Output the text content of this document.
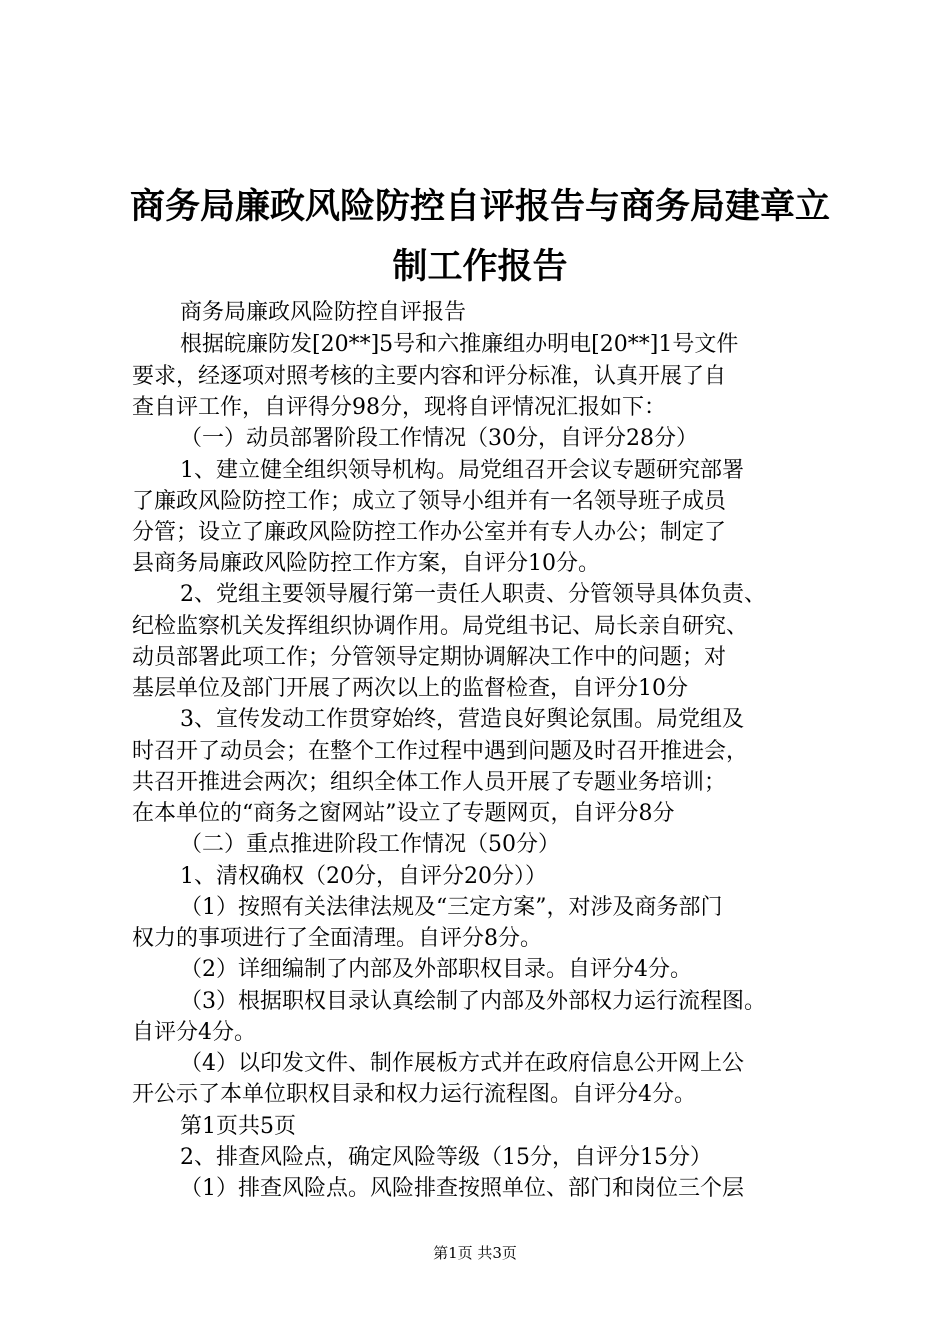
商务局廉政风险防控自评报告与商务局建章立
制工作报告
商务局廉政风险防控自评报告
根据皖廉防发[20**]5号和六推廉组办明电[20**]1号文件
要求，经逐项对照考核的主要内容和评分标准，认真开展了自
查自评工作，自评得分98分，现将自评情况汇报如下：
（一）动员部署阶段工作情况（30分，自评分28分）
1、建立健全组织领导机构。局党组召开会议专题研究部署
了廉政风险防控工作；成立了领导小组并有一名领导班子成员
分管；设立了廉政风险防控工作办公室并有专人办公；制定了
县商务局廉政风险防控工作方案，自评分10分。
2、党组主要领导履行第一责任人职责、分管领导具体负责、
纪检监察机关发挥组织协调作用。局党组书记、局长亲自研究、
动员部署此项工作；分管领导定期协调解决工作中的问题；对
基层单位及部门开展了两次以上的监督检查，自评分10分
3、宣传发动工作贯穿始终，营造良好舆论氛围。局党组及
时召开了动员会；在整个工作过程中遇到问题及时召开推进会，
共召开推进会两次；组织全体工作人员开展了专题业务培训；
在本单位的“商务之窗网站”设立了专题网页，自评分8分
（二）重点推进阶段工作情况（50分）
1、清权确权（20分，自评分20分））
（1）按照有关法律法规及“三定方案”，对涉及商务部门
权力的事项进行了全面清理。自评分8分。
（2）详细编制了内部及外部职权目录。自评分4分。
（3）根据职权目录认真绘制了内部及外部权力运行流程图。
自评分4分。
（4）以印发文件、制作展板方式并在政府信息公开网上公
开公示了本单位职权目录和权力运行流程图。自评分4分。
第1页共5页
2、排查风险点，确定风险等级（15分，自评分15分）
（1）排查风险点。风险排查按照单位、部门和岗位三个层
第1页 共3页
